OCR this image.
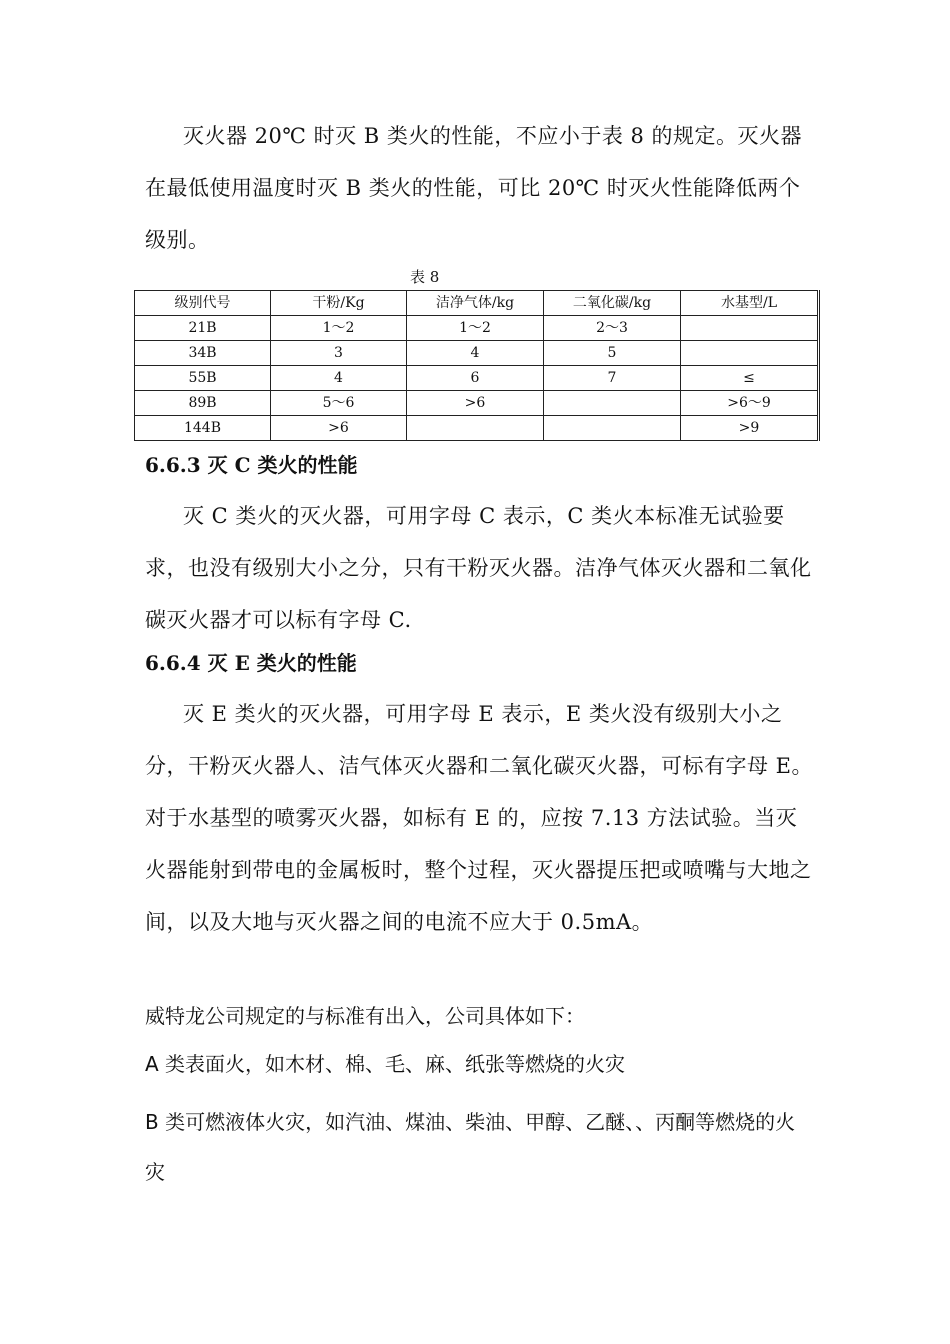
灭火器 20℃ 时灭 B 类火的性能，不应小于表 8 的规定。灭火器在最低使用温度时灭 B 类火的性能，可比 20℃ 时灭火性能降低两个级别。

表 8
级别代号	干粉/Kg	洁净气体/kg	二氧化碳/kg	水基型/L
21B	1～2	1～2	2～3	
34B	3	4	5	
55B	4	6	7	≤
89B	5～6	>6		>6～9
144B	>6			>9
6.6.3 灭 C 类火的性能

灭 C 类火的灭火器，可用字母 C 表示，C 类火本标准无试验要求，也没有级别大小之分，只有干粉灭火器。洁净气体灭火器和二氧化碳灭火器才可以标有字母 C.

6.6.4 灭 E 类火的性能

灭 E 类火的灭火器，可用字母 E 表示，E 类火没有级别大小之分，干粉灭火器人、洁气体灭火器和二氧化碳灭火器，可标有字母 E。对于水基型的喷雾灭火器，如标有 E 的，应按 7.13 方法试验。当灭火器能射到带电的金属板时，整个过程，灭火器提压把或喷嘴与大地之间，以及大地与灭火器之间的电流不应大于 0.5mA。

威特龙公司规定的与标准有出入，公司具体如下：

A 类表面火，如木材、棉、毛、麻、纸张等燃烧的火灾

B 类可燃液体火灾，如汽油、煤油、柴油、甲醇、乙醚、、丙酮等燃烧的火灾
